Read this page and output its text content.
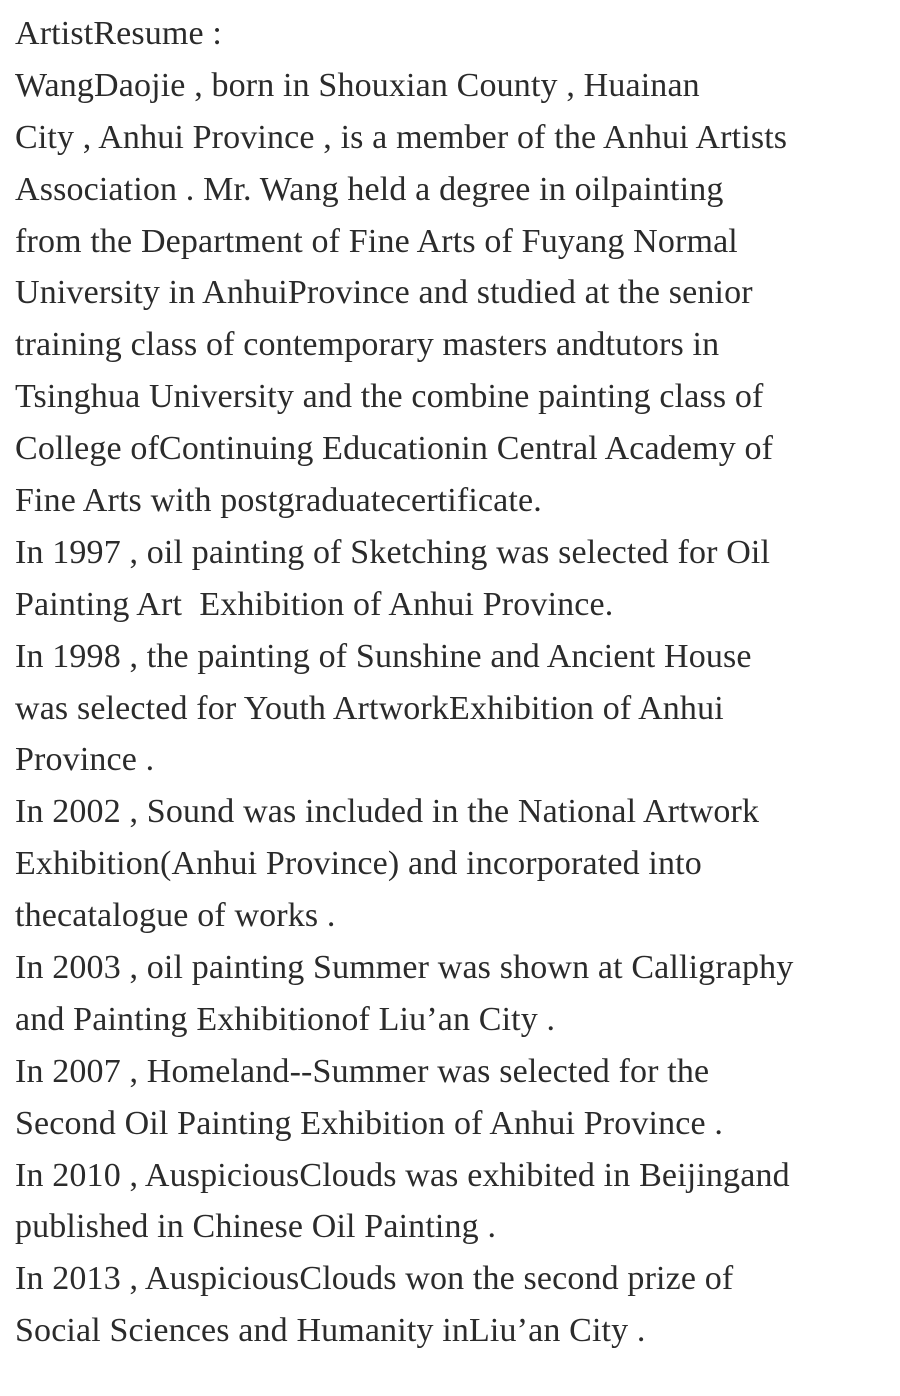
ArtistResume :
WangDaojie , born in Shouxian County , Huainan
City , Anhui Province , is a member of the Anhui Artists
Association . Mr. Wang held a degree in oilpainting
from the Department of Fine Arts of Fuyang Normal
University in AnhuiProvince and studied at the senior
training class of contemporary masters andtutors in
Tsinghua University and the combine painting class of
College ofContinuing Educationin Central Academy of
Fine Arts with postgraduatecertificate.
In 1997 , oil painting of Sketching was selected for Oil
Painting Art  Exhibition of Anhui Province.
In 1998 , the painting of Sunshine and Ancient House
was selected for Youth ArtworkExhibition of Anhui
Province .
In 2002 , Sound was included in the National Artwork
Exhibition(Anhui Province) and incorporated into
thecatalogue of works .
In 2003 , oil painting Summer was shown at Calligraphy
and Painting Exhibitionof Liu’an City .
In 2007 , Homeland--Summer was selected for the
Second Oil Painting Exhibition of Anhui Province .
In 2010 , AuspiciousClouds was exhibited in Beijingand
published in Chinese Oil Painting .
In 2013 , AuspiciousClouds won the second prize of
Social Sciences and Humanity inLiu’an City .
